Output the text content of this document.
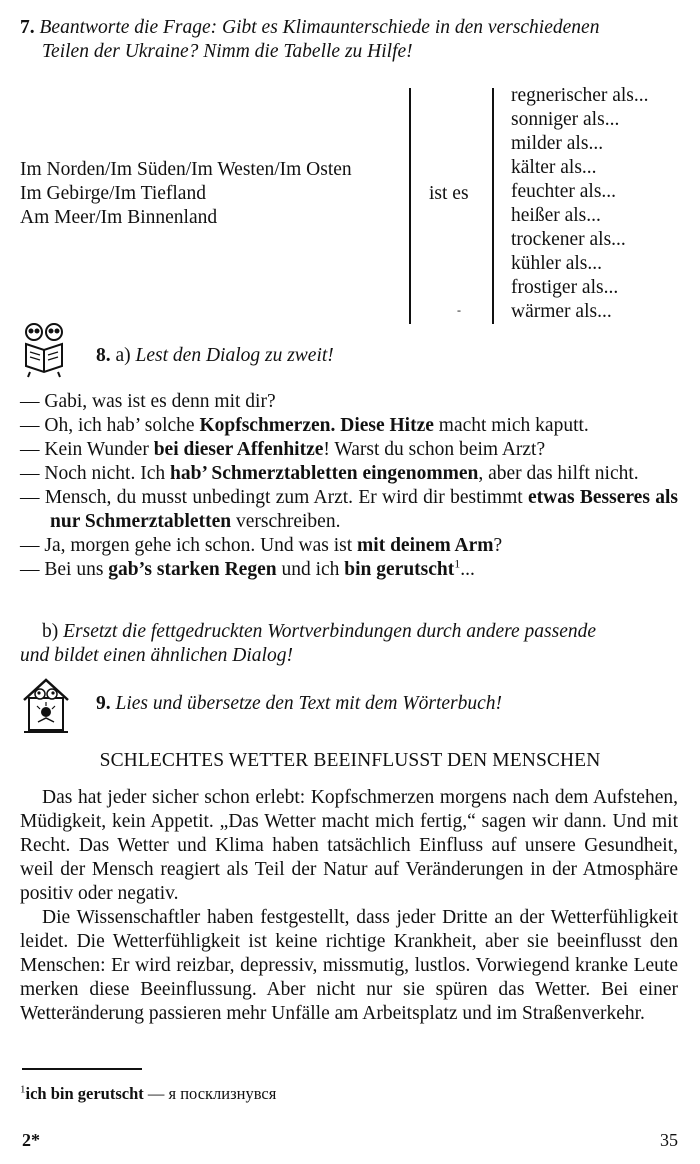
7. Beantworte die Frage: Gibt es Klimaunterschiede in den verschiedenen
Teilen der Ukraine? Nimm die Tabelle zu Hilfe!
Im Norden/Im Süden/Im Westen/Im Osten
Im Gebirge/Im Tiefland
Am Meer/Im Binnenland
ist es
-
regnerischer als...
sonniger als...
milder als...
kälter als...
feuchter als...
heißer als...
trockener als...
kühler als...
frostiger als...
wärmer als...
8. a) Lest den Dialog zu zweit!

— Gabi, was ist es denn mit dir?

— Oh, ich hab’ solche Kopfschmerzen. Diese Hitze macht mich kaputt.

— Kein Wunder bei dieser Affenhitze! Warst du schon beim Arzt?

— Noch nicht. Ich hab’ Schmerztabletten eingenommen, aber das hilft nicht.

— Mensch, du musst unbedingt zum Arzt. Er wird dir bestimmt etwas Besseres als nur Schmerztabletten verschreiben.

— Ja, morgen gehe ich schon. Und was ist mit deinem Arm?

— Bei uns gab’s starken Regen und ich bin gerutscht$^1$...

b) Ersetzt die fettgedruckten Wortverbindungen durch andere passende
und bildet einen ähnlichen Dialog!
9. Lies und übersetze den Text mit dem Wörterbuch!
SCHLECHTES WETTER BEEINFLUSST DEN MENSCHEN

Das hat jeder sicher schon erlebt: Kopfschmerzen morgens nach dem Aufstehen, Müdigkeit, kein Appetit. „Das Wetter macht mich fertig,“ sagen wir dann. Und mit Recht. Das Wetter und Klima haben tatsächlich Einfluss auf unsere Gesundheit, weil der Mensch reagiert als Teil der Natur auf Veränderungen in der Atmosphäre positiv oder negativ.

Die Wissenschaftler haben festgestellt, dass jeder Dritte an der Wetterfühligkeit leidet. Die Wetterfühligkeit ist keine richtige Krankheit, aber sie beeinflusst den Menschen: Er wird reizbar, depressiv, missmutig, lustlos. Vorwiegend kranke Leute merken diese Beeinflussung. Aber nicht nur sie spüren das Wetter. Bei einer Wetteränderung passieren mehr Unfälle am Arbeitsplatz und im Straßenverkehr.

$^1$ich bin gerutscht — я посклизнувся
2*	35
